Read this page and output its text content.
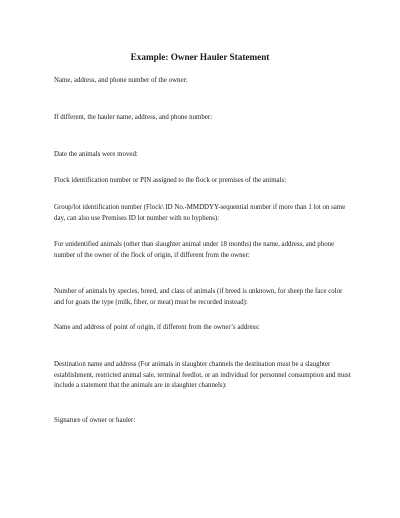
Example: Owner Hauler Statement

Name, address, and phone number of the owner:

If different, the hauler name, address, and phone number:

Date the animals were moved:

Flock identification number or PIN assigned to the flock or premises of the animals:

Group/lot identification number (Flock\ ID No.-MMDDYY-sequential number if more than 1 lot on same day, can also use Premises ID lot number with no hyphens):

For unidentified animals (other than slaughter animal under 18 months) the name, address, and phone number of the owner of the flock of origin, if different from the owner:

Number of animals by species, breed, and class of animals (if breed is unknown, for sheep the face color and for goats the type (milk, fiber, or meat) must be recorded instead):

Name and address of point of origin, if different from the owner’s address:

Destination name and address (For animals in slaughter channels the destination must be a slaughter establishment, restricted animal sale, terminal feedlot, or an individual for personnel consumption and must include a statement that the animals are in slaughter channels):

Signature of owner or hauler:
